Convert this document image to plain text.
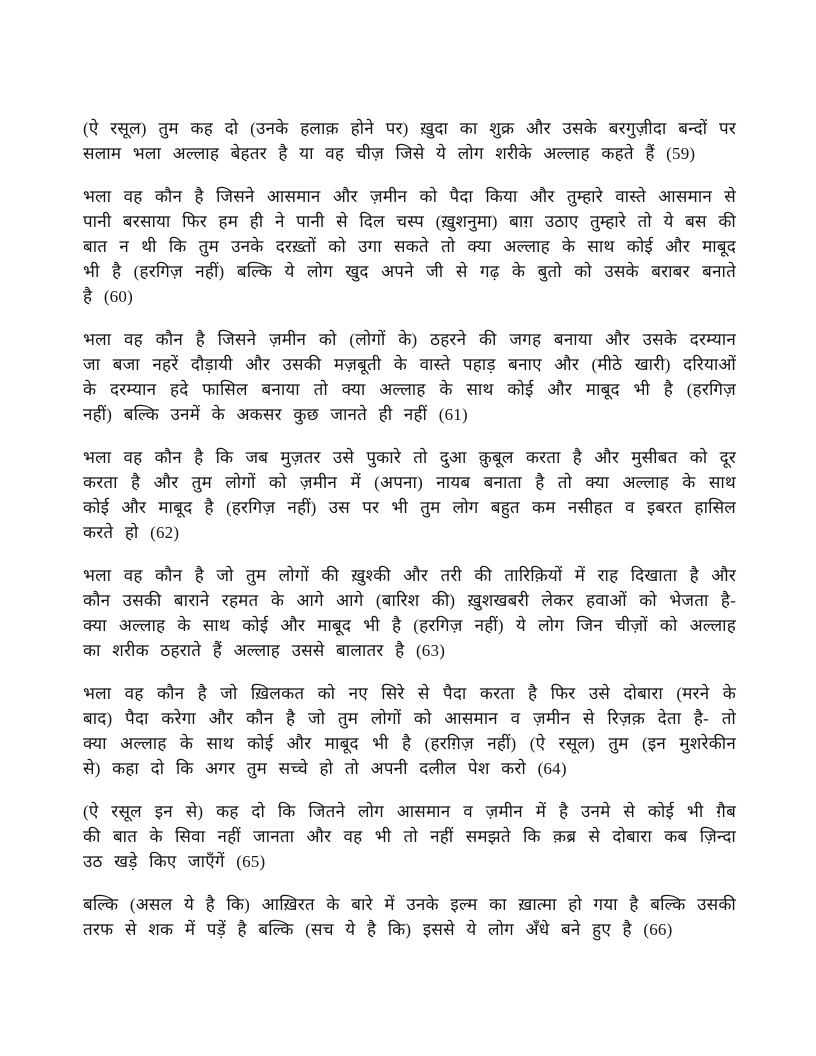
(ऐ रसूल) तुम कह दो (उनके हलाक़ होने पर) ख़ुदा का शुक्र और उसके बरगुज़ीदा बन्दों पर सलाम भला अल्लाह बेहतर है या वह चीज़ जिसे ये लोग शरीके अल्लाह कहते हैं (59)

भला वह कौन है जिसने आसमान और ज़मीन को पैदा किया और तुम्हारे वास्ते आसमान से पानी बरसाया फिर हम ही ने पानी से दिल चस्प (ख़ुशनुमा) बाग़ उठाए तुम्हारे तो ये बस की बात न थी कि तुम उनके दरख़्तों को उगा सकते तो क्या अल्लाह के साथ कोई और माबूद भी है (हरगिज़ नहीं) बल्कि ये लोग खुद अपने जी से गढ़ के बुतो को उसके बराबर बनाते है (60)

भला वह कौन है जिसने ज़मीन को (लोगों के) ठहरने की जगह बनाया और उसके दरम्यान जा बजा नहरें दौड़ायी और उसकी मज़बूती के वास्ते पहाड़ बनाए और (मीठे खारी) दरियाओं के दरम्यान हदे फासिल बनाया तो क्या अल्लाह के साथ कोई और माबूद भी है (हरगिज़ नहीं) बल्कि उनमें के अकसर कुछ जानते ही नहीं (61)

भला वह कौन है कि जब मुज़तर उसे पुकारे तो दुआ क़ुबूल करता है और मुसीबत को दूर करता है और तुम लोगों को ज़मीन में (अपना) नायब बनाता है तो क्या अल्लाह के साथ कोई और माबूद है (हरगिज़ नहीं) उस पर भी तुम लोग बहुत कम नसीहत व इबरत हासिल करते हो (62)

भला वह कौन है जो तुम लोगों की ख़ुश्की और तरी की तारिक़ियों में राह दिखाता है और कौन उसकी बाराने रहमत के आगे आगे (बारिश की) ख़ुशखबरी लेकर हवाओं को भेजता है-क्या अल्लाह के साथ कोई और माबूद भी है (हरगिज़ नहीं) ये लोग जिन चीज़ों को अल्लाह का शरीक ठहराते हैं अल्लाह उससे बालातर है (63)

भला वह कौन है जो ख़िलकत को नए सिरे से पैदा करता है फिर उसे दोबारा (मरने के बाद) पैदा करेगा और कौन है जो तुम लोगों को आसमान व ज़मीन से रिज़क़ देता है- तो क्या अल्लाह के साथ कोई और माबूद भी है (हरग़िज़ नहीं) (ऐ रसूल) तुम (इन मुशरेकीन से) कहा दो कि अगर तुम सच्चे हो तो अपनी दलील पेश करो (64)

(ऐ रसूल इन से) कह दो कि जितने लोग आसमान व ज़मीन में है उनमे से कोई भी ग़ैब की बात के सिवा नहीं जानता और वह भी तो नहीं समझते कि क़ब्र से दोबारा कब ज़िन्दा उठ खड़े किए जाएँगें (65)

बल्कि (असल ये है कि) आख़िरत के बारे में उनके इल्म का ख़ात्मा हो गया है बल्कि उसकी तरफ से शक में पड़ें है बल्कि (सच ये है कि) इससे ये लोग अँधे बने हुए है (66)
